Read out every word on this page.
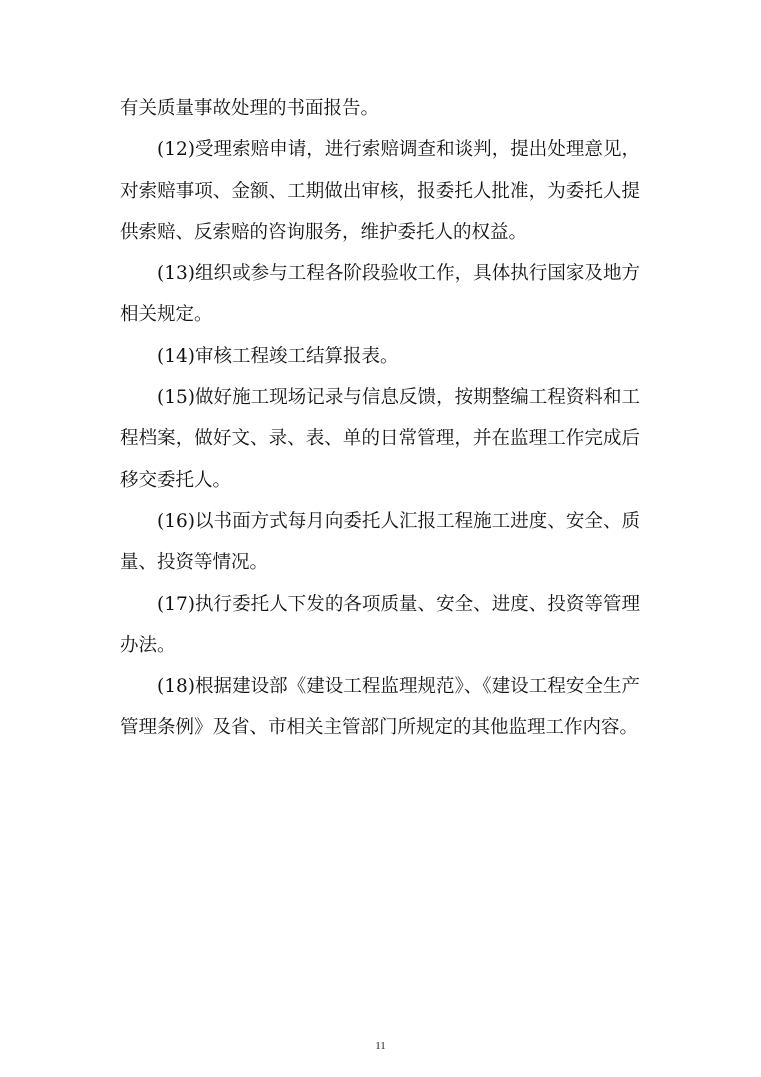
有关质量事故处理的书面报告。

(12)受理索赔申请，进行索赔调查和谈判，提出处理意见，对索赔事项、金额、工期做出审核，报委托人批准，为委托人提供索赔、反索赔的咨询服务，维护委托人的权益。

(13)组织或参与工程各阶段验收工作，具体执行国家及地方相关规定。

(14)审核工程竣工结算报表。

(15)做好施工现场记录与信息反馈，按期整编工程资料和工程档案，做好文、录、表、单的日常管理，并在监理工作完成后移交委托人。

(16)以书面方式每月向委托人汇报工程施工进度、安全、质量、投资等情况。

(17)执行委托人下发的各项质量、安全、进度、投资等管理办法。

(18)根据建设部《建设工程监理规范》、《建设工程安全生产管理条例》及省、市相关主管部门所规定的其他监理工作内容。

11
